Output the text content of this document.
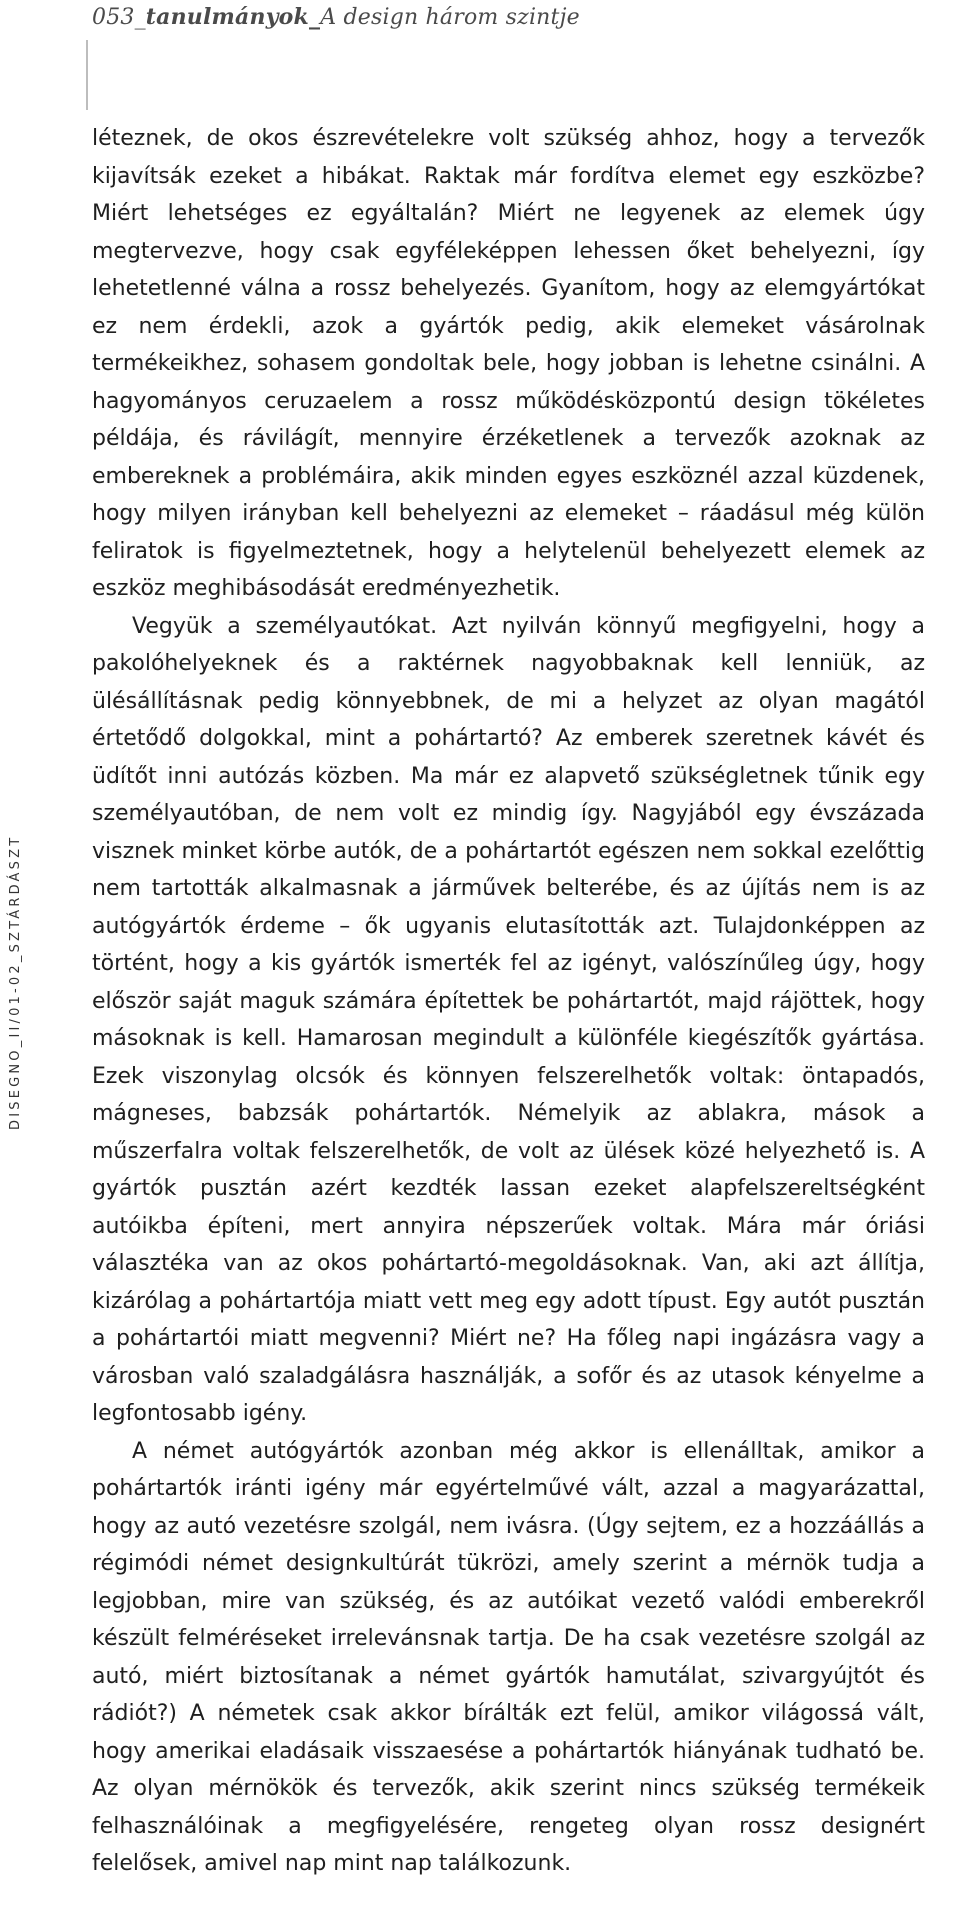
053_tanulmányok_A design három szintje
DISEGNO_II/01-02_SZTÁRDÁSZT

léteznek, de okos észrevételekre volt szükség ahhoz, hogy a tervezők kijavítsák ezeket a hibákat. Raktak már fordítva elemet egy eszközbe? Miért lehetséges ez egyáltalán? Miért ne legyenek az elemek úgy megtervezve, hogy csak egyféleképpen lehessen őket behelyezni, így lehetetlenné válna a rossz behelyezés. Gyanítom, hogy az elemgyártókat ez nem érdekli, azok a gyártók pedig, akik elemeket vásárolnak termékeikhez, sohasem gondoltak bele, hogy jobban is lehetne csinálni. A hagyományos ceruzaelem a rossz működésközpontú design tökéletes példája, és rávilágít, mennyire érzéketlenek a tervezők azoknak az embereknek a problémáira, akik minden egyes eszköznél azzal küzdenek, hogy milyen irányban kell behelyezni az elemeket – ráadásul még külön feliratok is figyelmeztetnek, hogy a helytelenül behelyezett elemek az eszköz meghibásodását eredményezhetik.

Vegyük a személyautókat. Azt nyilván könnyű megfigyelni, hogy a pakolóhelyeknek és a raktérnek nagyobbaknak kell lenniük, az ülésállításnak pedig könnyebbnek, de mi a helyzet az olyan magától értetődő dolgokkal, mint a pohártartó? Az emberek szeretnek kávét és üdítőt inni autózás közben. Ma már ez alapvető szükségletnek tűnik egy személyautóban, de nem volt ez mindig így. Nagyjából egy évszázada visznek minket körbe autók, de a pohártartót egészen nem sokkal ezelőttig nem tartották alkalmasnak a járművek belterébe, és az újítás nem is az autógyártók érdeme – ők ugyanis elutasították azt. Tulajdonképpen az történt, hogy a kis gyártók ismerték fel az igényt, valószínűleg úgy, hogy először saját maguk számára építettek be pohártartót, majd rájöttek, hogy másoknak is kell. Hamarosan megindult a különféle kiegészítők gyártása. Ezek viszonylag olcsók és könnyen felszerelhetők voltak: öntapadós, mágneses, babzsák pohártartók. Némelyik az ablakra, mások a műszerfalra voltak felszerelhetők, de volt az ülések közé helyezhető is. A gyártók pusztán azért kezdték lassan ezeket alapfelszereltségként autóikba építeni, mert annyira népszerűek voltak. Mára már óriási választéka van az okos pohártartó-megoldásoknak. Van, aki azt állítja, kizárólag a pohártartója miatt vett meg egy adott típust. Egy autót pusztán a pohártartói miatt megvenni? Miért ne? Ha főleg napi ingázásra vagy a városban való szaladgálásra használják, a sofőr és az utasok kényelme a legfontosabb igény.

A német autógyártók azonban még akkor is ellenálltak, amikor a pohártartók iránti igény már egyértelművé vált, azzal a magyarázattal, hogy az autó vezetésre szolgál, nem ivásra. (Úgy sejtem, ez a hozzáállás a régimódi német designkultúrát tükrözi, amely szerint a mérnök tudja a legjobban, mire van szükség, és az autóikat vezető valódi emberekről készült felméréseket irrelevánsnak tartja. De ha csak vezetésre szolgál az autó, miért biztosítanak a német gyártók hamutálat, szivargyújtót és rádiót?) A németek csak akkor bírálták ezt felül, amikor világossá vált, hogy amerikai eladásaik visszaesése a pohártartók hiányának tudható be. Az olyan mérnökök és tervezők, akik szerint nincs szükség termékeik felhasználóinak a megfigyelésére, rengeteg olyan rossz designért felelősek, amivel nap mint nap találkozunk.
